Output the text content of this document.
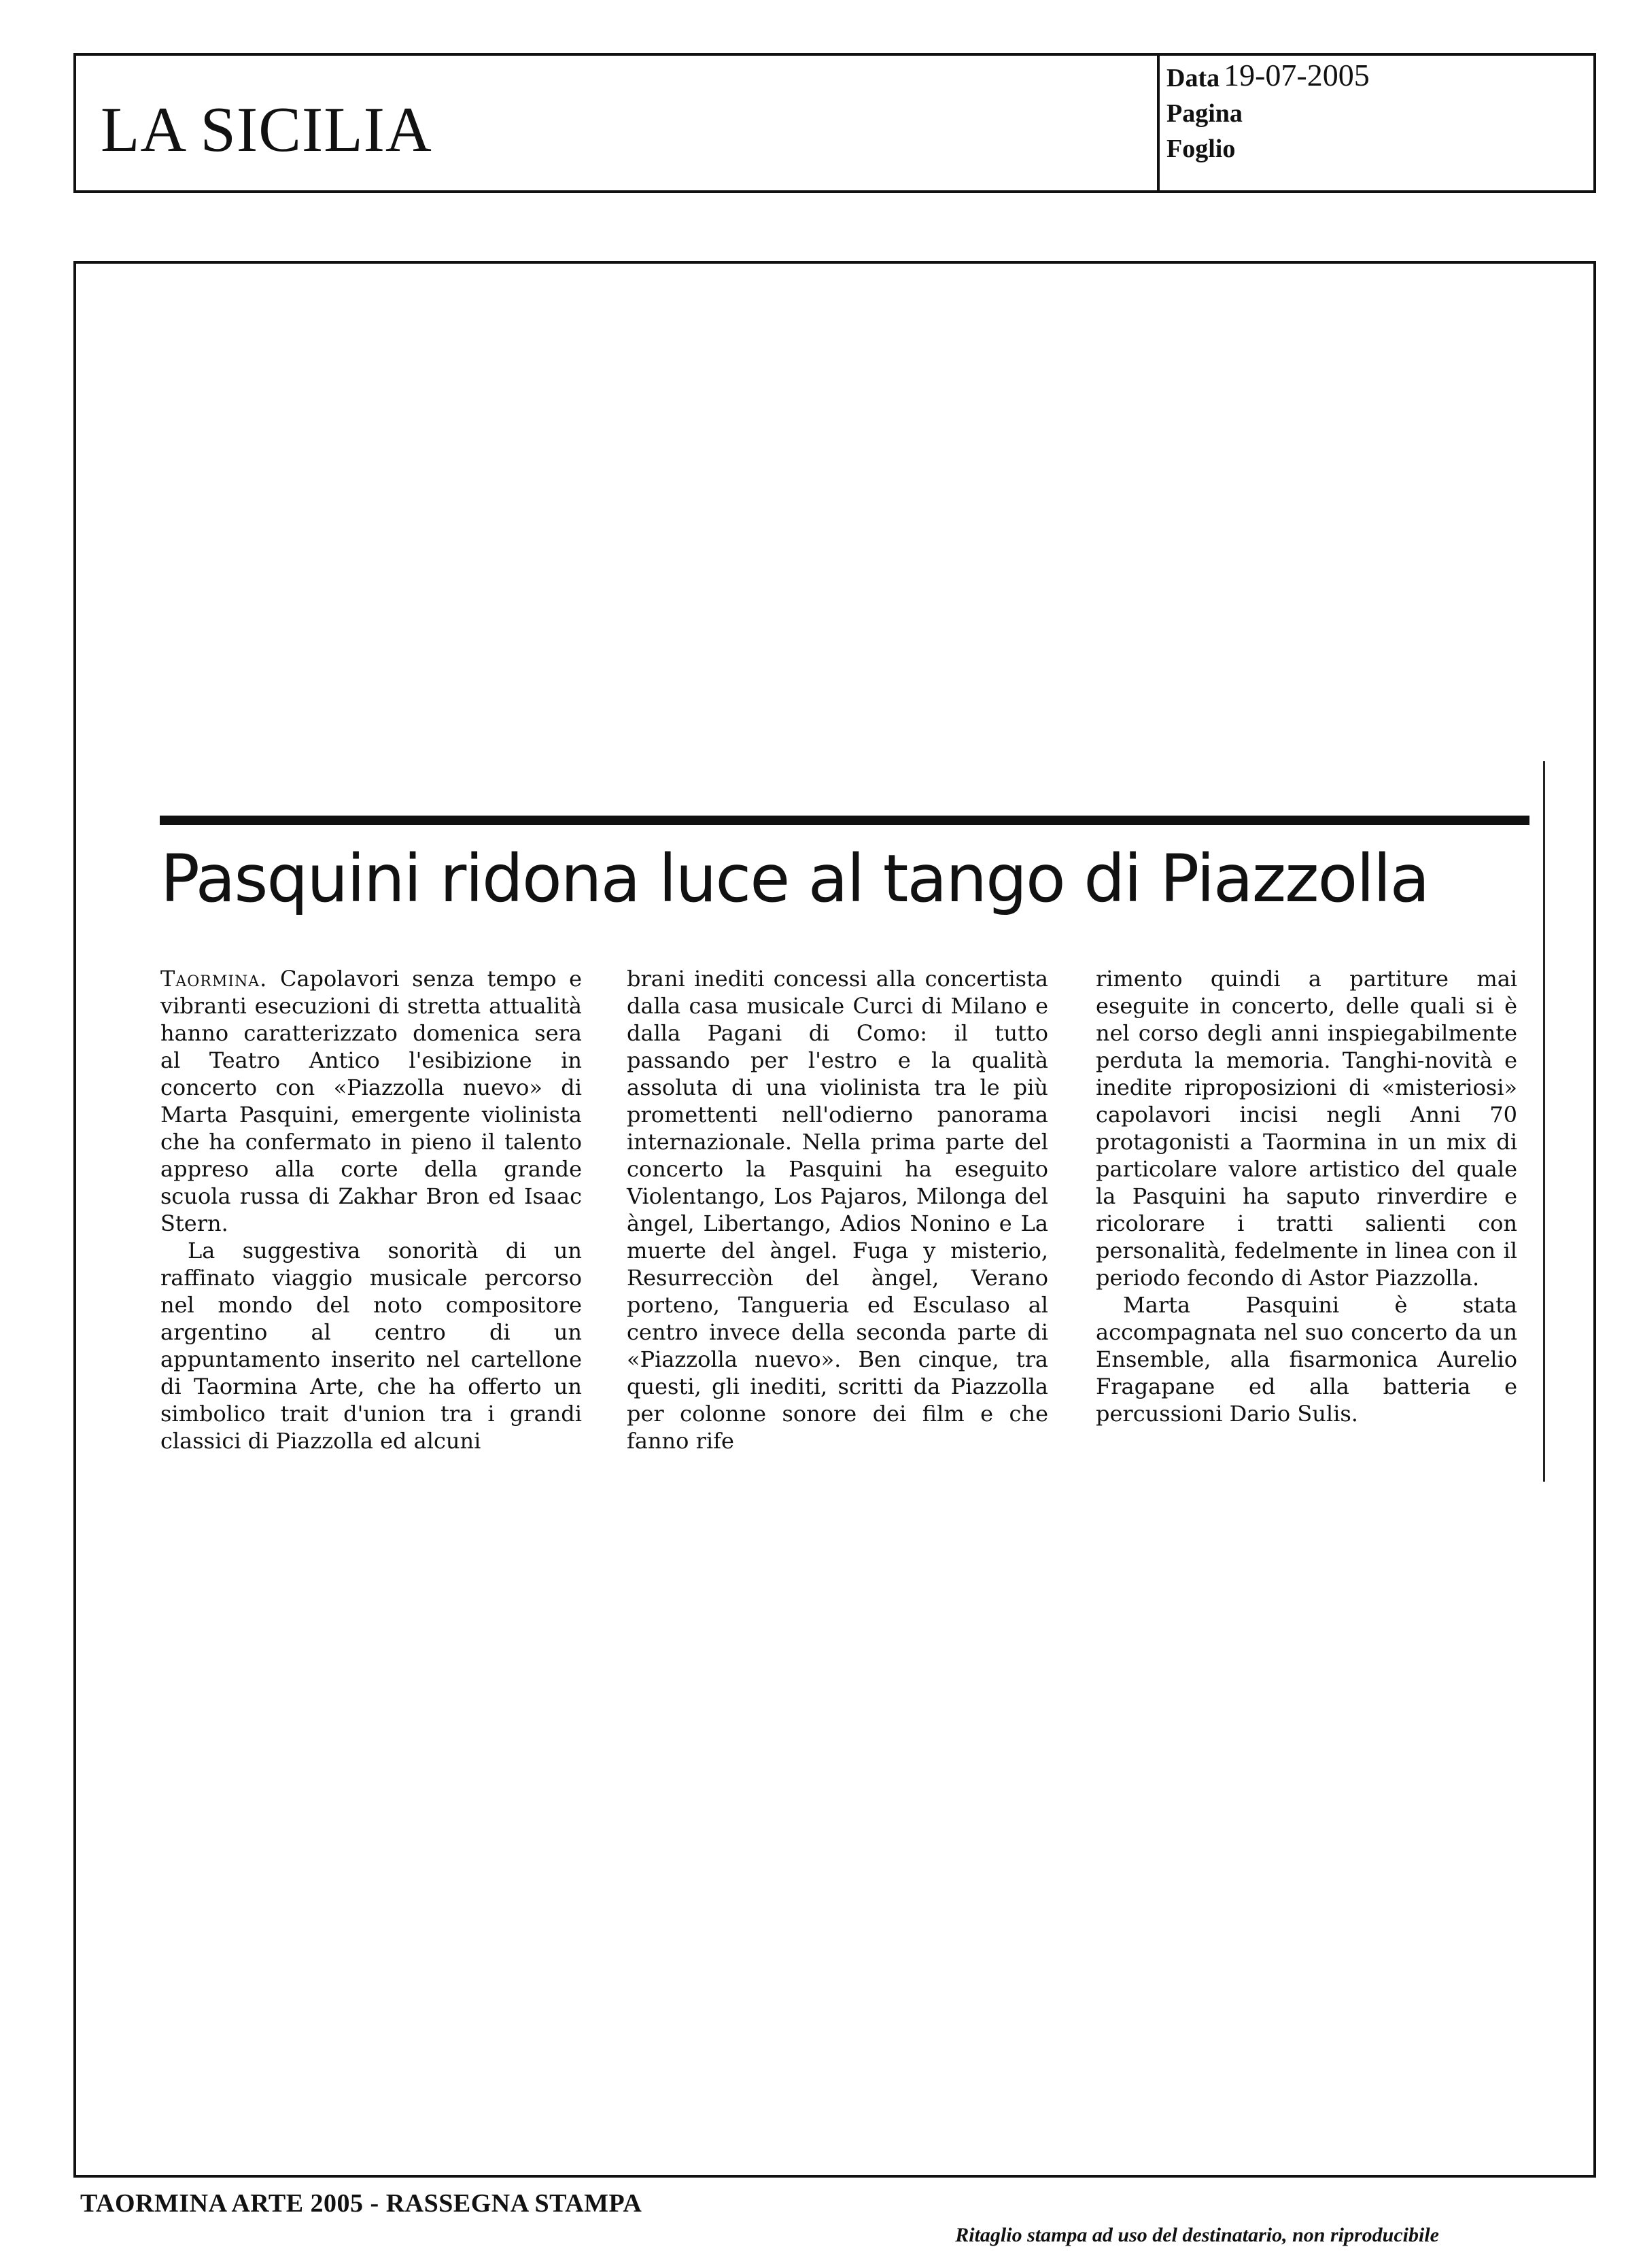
LA SICILIA
Data 19-07-2005
Pagina
Foglio
Pasquini ridona luce al tango di Piazzolla

Taormina. Capolavori senza tempo e vibranti esecuzioni di stretta attualità hanno caratterizzato domenica sera al Teatro Antico l'esibizione in concerto con «Piazzolla nuevo» di Marta Pasquini, emergente violinista che ha confermato in pieno il talento appreso alla corte della grande scuola russa di Zakhar Bron ed Isaac Stern.

La suggestiva sonorità di un raffinato viaggio musicale percorso nel mondo del noto compositore argentino al centro di un appuntamento inserito nel cartellone di Taormina Arte, che ha offerto un simbolico trait d'union tra i grandi classici di Piazzolla ed alcuni

brani inediti concessi alla concertista dalla casa musicale Curci di Milano e dalla Pagani di Como: il tutto passando per l'estro e la qualità assoluta di una violinista tra le più promettenti nell'odierno panorama internazionale. Nella prima parte del concerto la Pasquini ha eseguito Violentango, Los Pajaros, Milonga del àngel, Libertango, Adios Nonino e La muerte del àngel. Fuga y misterio, Resurrecciòn del àngel, Verano porteno, Tangueria ed Esculaso al centro invece della seconda parte di «Piazzolla nuevo». Ben cinque, tra questi, gli inediti, scritti da Piazzolla per colonne sonore dei film e che fanno rife

rimento quindi a partiture mai eseguite in concerto, delle quali si è nel corso degli anni inspiegabilmente perduta la memoria. Tanghi-novità e inedite riproposizioni di «misteriosi» capolavori incisi negli Anni 70 protagonisti a Taormina in un mix di particolare valore artistico del quale la Pasquini ha saputo rinverdire e ricolorare i tratti salienti con personalità, fedelmente in linea con il periodo fecondo di Astor Piazzolla.

Marta Pasquini è stata accompagnata nel suo concerto da un Ensemble, alla fisarmonica Aurelio Fragapane ed alla batteria e percussioni Dario Sulis.

TAORMINA ARTE 2005 - RASSEGNA STAMPA
Ritaglio stampa ad uso del destinatario, non riproducibile
